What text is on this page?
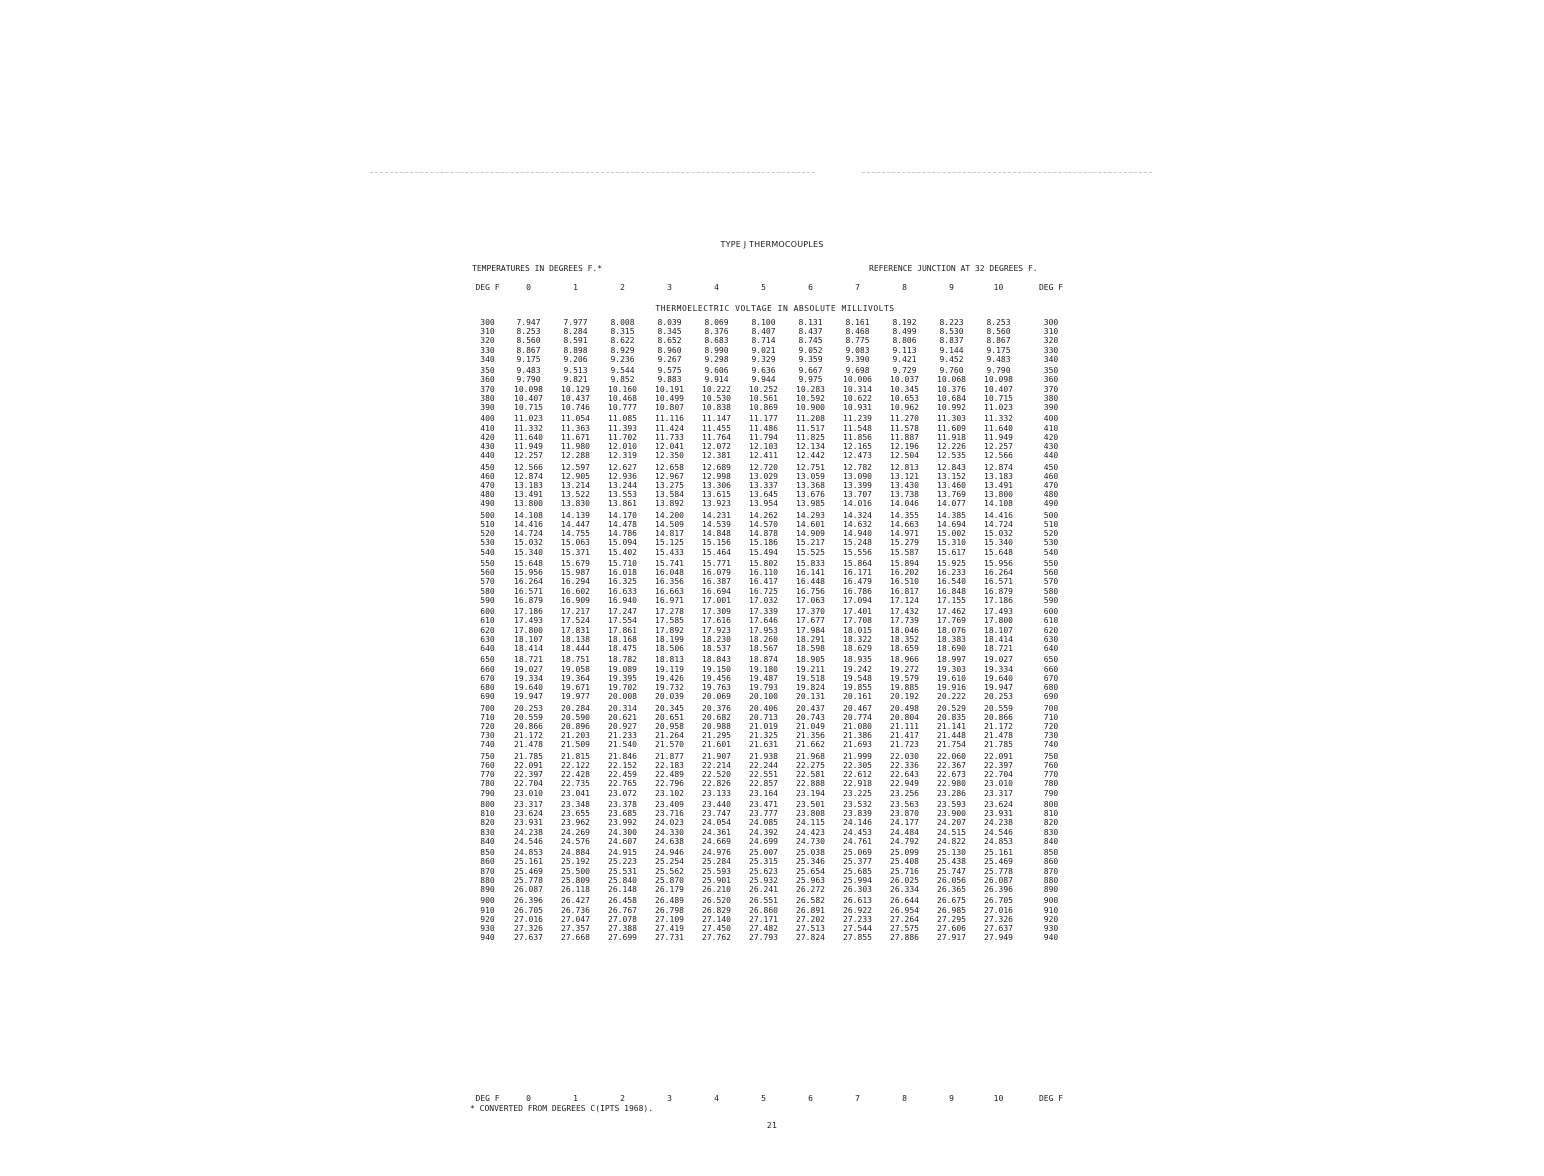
TYPE J THERMOCOUPLES
TEMPERATURES IN DEGREES F.*	REFERENCE JUNCTION AT 32 DEGREES F.
DEG F	0	1	2	3	4	5	6	7	8	9	10	DEG F
THERMOELECTRIC VOLTAGE IN ABSOLUTE MILLIVOLTS
300	7.947	7.977	8.008	8.039	8.069	8.100	8.131	8.161	8.192	8.223	8.253	300
310	8.253	8.284	8.315	8.345	8.376	8.407	8.437	8.468	8.499	8.530	8.560	310
320	8.560	8.591	8.622	8.652	8.683	8.714	8.745	8.775	8.806	8.837	8.867	320
330	8.867	8.898	8.929	8.960	8.990	9.021	9.052	9.083	9.113	9.144	9.175	330
340	9.175	9.206	9.236	9.267	9.298	9.329	9.359	9.390	9.421	9.452	9.483	340

350	9.483	9.513	9.544	9.575	9.606	9.636	9.667	9.698	9.729	9.760	9.790	350
360	9.790	9.821	9.852	9.883	9.914	9.944	9.975	10.006	10.037	10.068	10.098	360
370	10.098	10.129	10.160	10.191	10.222	10.252	10.283	10.314	10.345	10.376	10.407	370
380	10.407	10.437	10.468	10.499	10.530	10.561	10.592	10.622	10.653	10.684	10.715	380
390	10.715	10.746	10.777	10.807	10.838	10.869	10.900	10.931	10.962	10.992	11.023	390

400	11.023	11.054	11.085	11.116	11.147	11.177	11.208	11.239	11.270	11.303	11.332	400
410	11.332	11.363	11.393	11.424	11.455	11.486	11.517	11.548	11.578	11.609	11.640	410
420	11.640	11.671	11.702	11.733	11.764	11.794	11.825	11.856	11.887	11.918	11.949	420
430	11.949	11.980	12.010	12.041	12.072	12.103	12.134	12.165	12.196	12.226	12.257	430
440	12.257	12.288	12.319	12.350	12.381	12.411	12.442	12.473	12.504	12.535	12.566	440

450	12.566	12.597	12.627	12.658	12.689	12.720	12.751	12.782	12.813	12.843	12.874	450
460	12.874	12.905	12.936	12.967	12.998	13.029	13.059	13.090	13.121	13.152	13.183	460
470	13.183	13.214	13.244	13.275	13.306	13.337	13.368	13.399	13.430	13.460	13.491	470
480	13.491	13.522	13.553	13.584	13.615	13.645	13.676	13.707	13.738	13.769	13.800	480
490	13.800	13.830	13.861	13.892	13.923	13.954	13.985	14.016	14.046	14.077	14.108	490

500	14.108	14.139	14.170	14.200	14.231	14.262	14.293	14.324	14.355	14.385	14.416	500
510	14.416	14.447	14.478	14.509	14.539	14.570	14.601	14.632	14.663	14.694	14.724	510
520	14.724	14.755	14.786	14.817	14.848	14.878	14.909	14.940	14.971	15.002	15.032	520
530	15.032	15.063	15.094	15.125	15.156	15.186	15.217	15.248	15.279	15.310	15.340	530
540	15.340	15.371	15.402	15.433	15.464	15.494	15.525	15.556	15.587	15.617	15.648	540

550	15.648	15.679	15.710	15.741	15.771	15.802	15.833	15.864	15.894	15.925	15.956	550
560	15.956	15.987	16.018	16.048	16.079	16.110	16.141	16.171	16.202	16.233	16.264	560
570	16.264	16.294	16.325	16.356	16.387	16.417	16.448	16.479	16.510	16.540	16.571	570
580	16.571	16.602	16.633	16.663	16.694	16.725	16.756	16.786	16.817	16.848	16.879	580
590	16.879	16.909	16.940	16.971	17.001	17.032	17.063	17.094	17.124	17.155	17.186	590

600	17.186	17.217	17.247	17.278	17.309	17.339	17.370	17.401	17.432	17.462	17.493	600
610	17.493	17.524	17.554	17.585	17.616	17.646	17.677	17.708	17.739	17.769	17.800	610
620	17.800	17.831	17.861	17.892	17.923	17.953	17.984	18.015	18.046	18.076	18.107	620
630	18.107	18.138	18.168	18.199	18.230	18.260	18.291	18.322	18.352	18.383	18.414	630
640	18.414	18.444	18.475	18.506	18.537	18.567	18.598	18.629	18.659	18.690	18.721	640

650	18.721	18.751	18.782	18.813	18.843	18.874	18.905	18.935	18.966	18.997	19.027	650
660	19.027	19.058	19.089	19.119	19.150	19.180	19.211	19.242	19.272	19.303	19.334	660
670	19.334	19.364	19.395	19.426	19.456	19.487	19.518	19.548	19.579	19.610	19.640	670
680	19.640	19.671	19.702	19.732	19.763	19.793	19.824	19.855	19.885	19.916	19.947	680
690	19.947	19.977	20.008	20.039	20.069	20.100	20.131	20.161	20.192	20.222	20.253	690

700	20.253	20.284	20.314	20.345	20.376	20.406	20.437	20.467	20.498	20.529	20.559	700
710	20.559	20.590	20.621	20.651	20.682	20.713	20.743	20.774	20.804	20.835	20.866	710
720	20.866	20.896	20.927	20.958	20.988	21.019	21.049	21.080	21.111	21.141	21.172	720
730	21.172	21.203	21.233	21.264	21.295	21.325	21.356	21.386	21.417	21.448	21.478	730
740	21.478	21.509	21.540	21.570	21.601	21.631	21.662	21.693	21.723	21.754	21.785	740

750	21.785	21.815	21.846	21.877	21.907	21.938	21.968	21.999	22.030	22.060	22.091	750
760	22.091	22.122	22.152	22.183	22.214	22.244	22.275	22.305	22.336	22.367	22.397	760
770	22.397	22.428	22.459	22.489	22.520	22.551	22.581	22.612	22.643	22.673	22.704	770
780	22.704	22.735	22.765	22.796	22.826	22.857	22.888	22.918	22.949	22.980	23.010	780
790	23.010	23.041	23.072	23.102	23.133	23.164	23.194	23.225	23.256	23.286	23.317	790

800	23.317	23.348	23.378	23.409	23.440	23.471	23.501	23.532	23.563	23.593	23.624	800
810	23.624	23.655	23.685	23.716	23.747	23.777	23.808	23.839	23.870	23.900	23.931	810
820	23.931	23.962	23.992	24.023	24.054	24.085	24.115	24.146	24.177	24.207	24.238	820
830	24.238	24.269	24.300	24.330	24.361	24.392	24.423	24.453	24.484	24.515	24.546	830
840	24.546	24.576	24.607	24.638	24.669	24.699	24.730	24.761	24.792	24.822	24.853	840

850	24.853	24.884	24.915	24.946	24.976	25.007	25.038	25.069	25.099	25.130	25.161	850
860	25.161	25.192	25.223	25.254	25.284	25.315	25.346	25.377	25.408	25.438	25.469	860
870	25.469	25.500	25.531	25.562	25.593	25.623	25.654	25.685	25.716	25.747	25.778	870
880	25.778	25.809	25.840	25.870	25.901	25.932	25.963	25.994	26.025	26.056	26.087	880
890	26.087	26.118	26.148	26.179	26.210	26.241	26.272	26.303	26.334	26.365	26.396	890

900	26.396	26.427	26.458	26.489	26.520	26.551	26.582	26.613	26.644	26.675	26.705	900
910	26.705	26.736	26.767	26.798	26.829	26.860	26.891	26.922	26.954	26.985	27.016	910
920	27.016	27.047	27.078	27.109	27.140	27.171	27.202	27.233	27.264	27.295	27.326	920
930	27.326	27.357	27.388	27.419	27.450	27.482	27.513	27.544	27.575	27.606	27.637	930
940	27.637	27.668	27.699	27.731	27.762	27.793	27.824	27.855	27.886	27.917	27.949	940
DEG F	0	1	2	3	4	5	6	7	8	9	10	DEG F
* CONVERTED FROM DEGREES C(IPTS 1968).
21
